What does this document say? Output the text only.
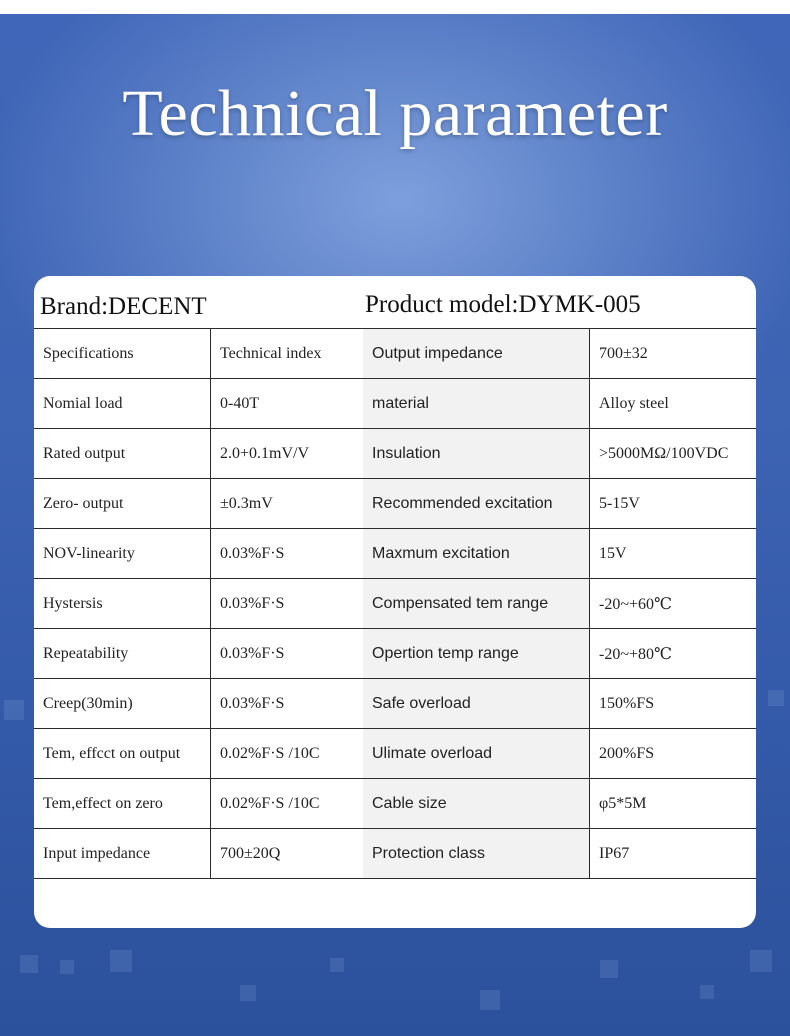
Technical parameter
Brand:DECENT	Product model:DYMK-005
Specifications	Technical index	Output impedance	700±32
Nomial load	0-40T	material	Alloy steel
Rated output	2.0+0.1mV/V	Insulation	>5000MΩ/100VDC
Zero- output	±0.3mV	Recommended excitation	5-15V
NOV-linearity	0.03%F·S	Maxmum excitation	15V
Hystersis	0.03%F·S	Compensated tem range	-20~+60℃
Repeatability	0.03%F·S	Opertion temp range	-20~+80℃
Creep(30min)	0.03%F·S	Safe overload	150%FS
Tem, effcct on output	0.02%F·S /10C	Ulimate overload	200%FS
Tem,effect on zero	0.02%F·S /10C	Cable size	φ5*5M
Input impedance	700±20Q	Protection class	IP67
